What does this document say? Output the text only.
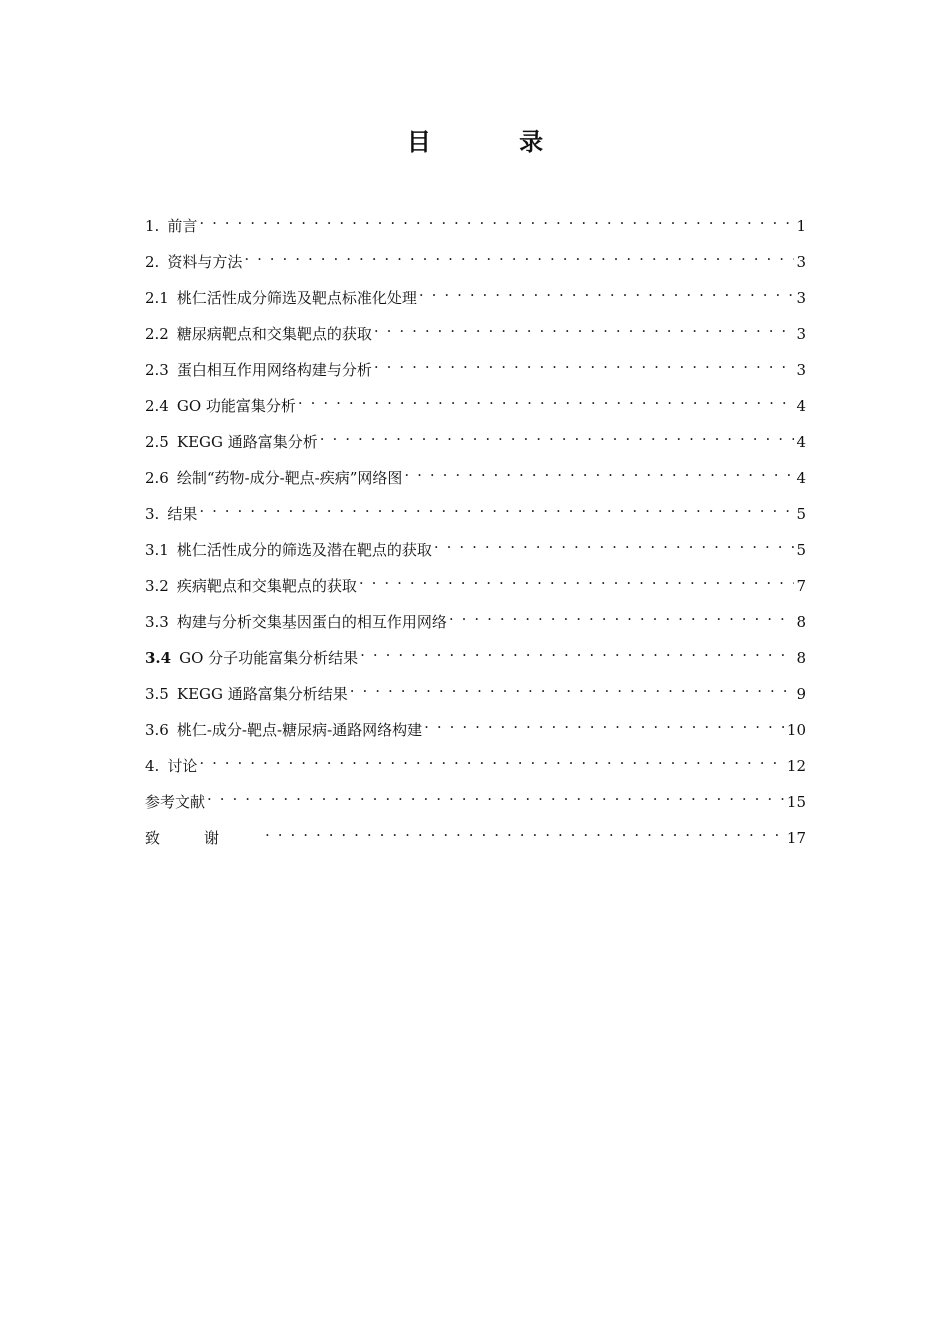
目 录
1. 前言 . . .	1
2. 资料与方法 . . .	3
2.1 桃仁活性成分筛选及靶点标准化处理 . . .	3
2.2 糖尿病靶点和交集靶点的获取 . . .	3
2.3 蛋白相互作用网络构建与分析 . . .	3
2.4 GO 功能富集分析 . . .	4
2.5 KEGG 通路富集分析 . . .	4
2.6 绘制“药物-成分-靶点-疾病”网络图 . . .	4
3. 结果 . . .	5
3.1 桃仁活性成分的筛选及潜在靶点的获取 . . .	5
3.2 疾病靶点和交集靶点的获取 . . .	7
3.3 构建与分析交集基因蛋白的相互作用网络 . . .	8
3.4 GO 分子功能富集分析结果 . . .	8
3.5 KEGG 通路富集分析结果 . . .	9
3.6 桃仁-成分-靶点-糖尿病-通路网络构建 . . .	10
4. 讨论 . . .	12
参考文献 . . .	15
致谢 . . .	17
